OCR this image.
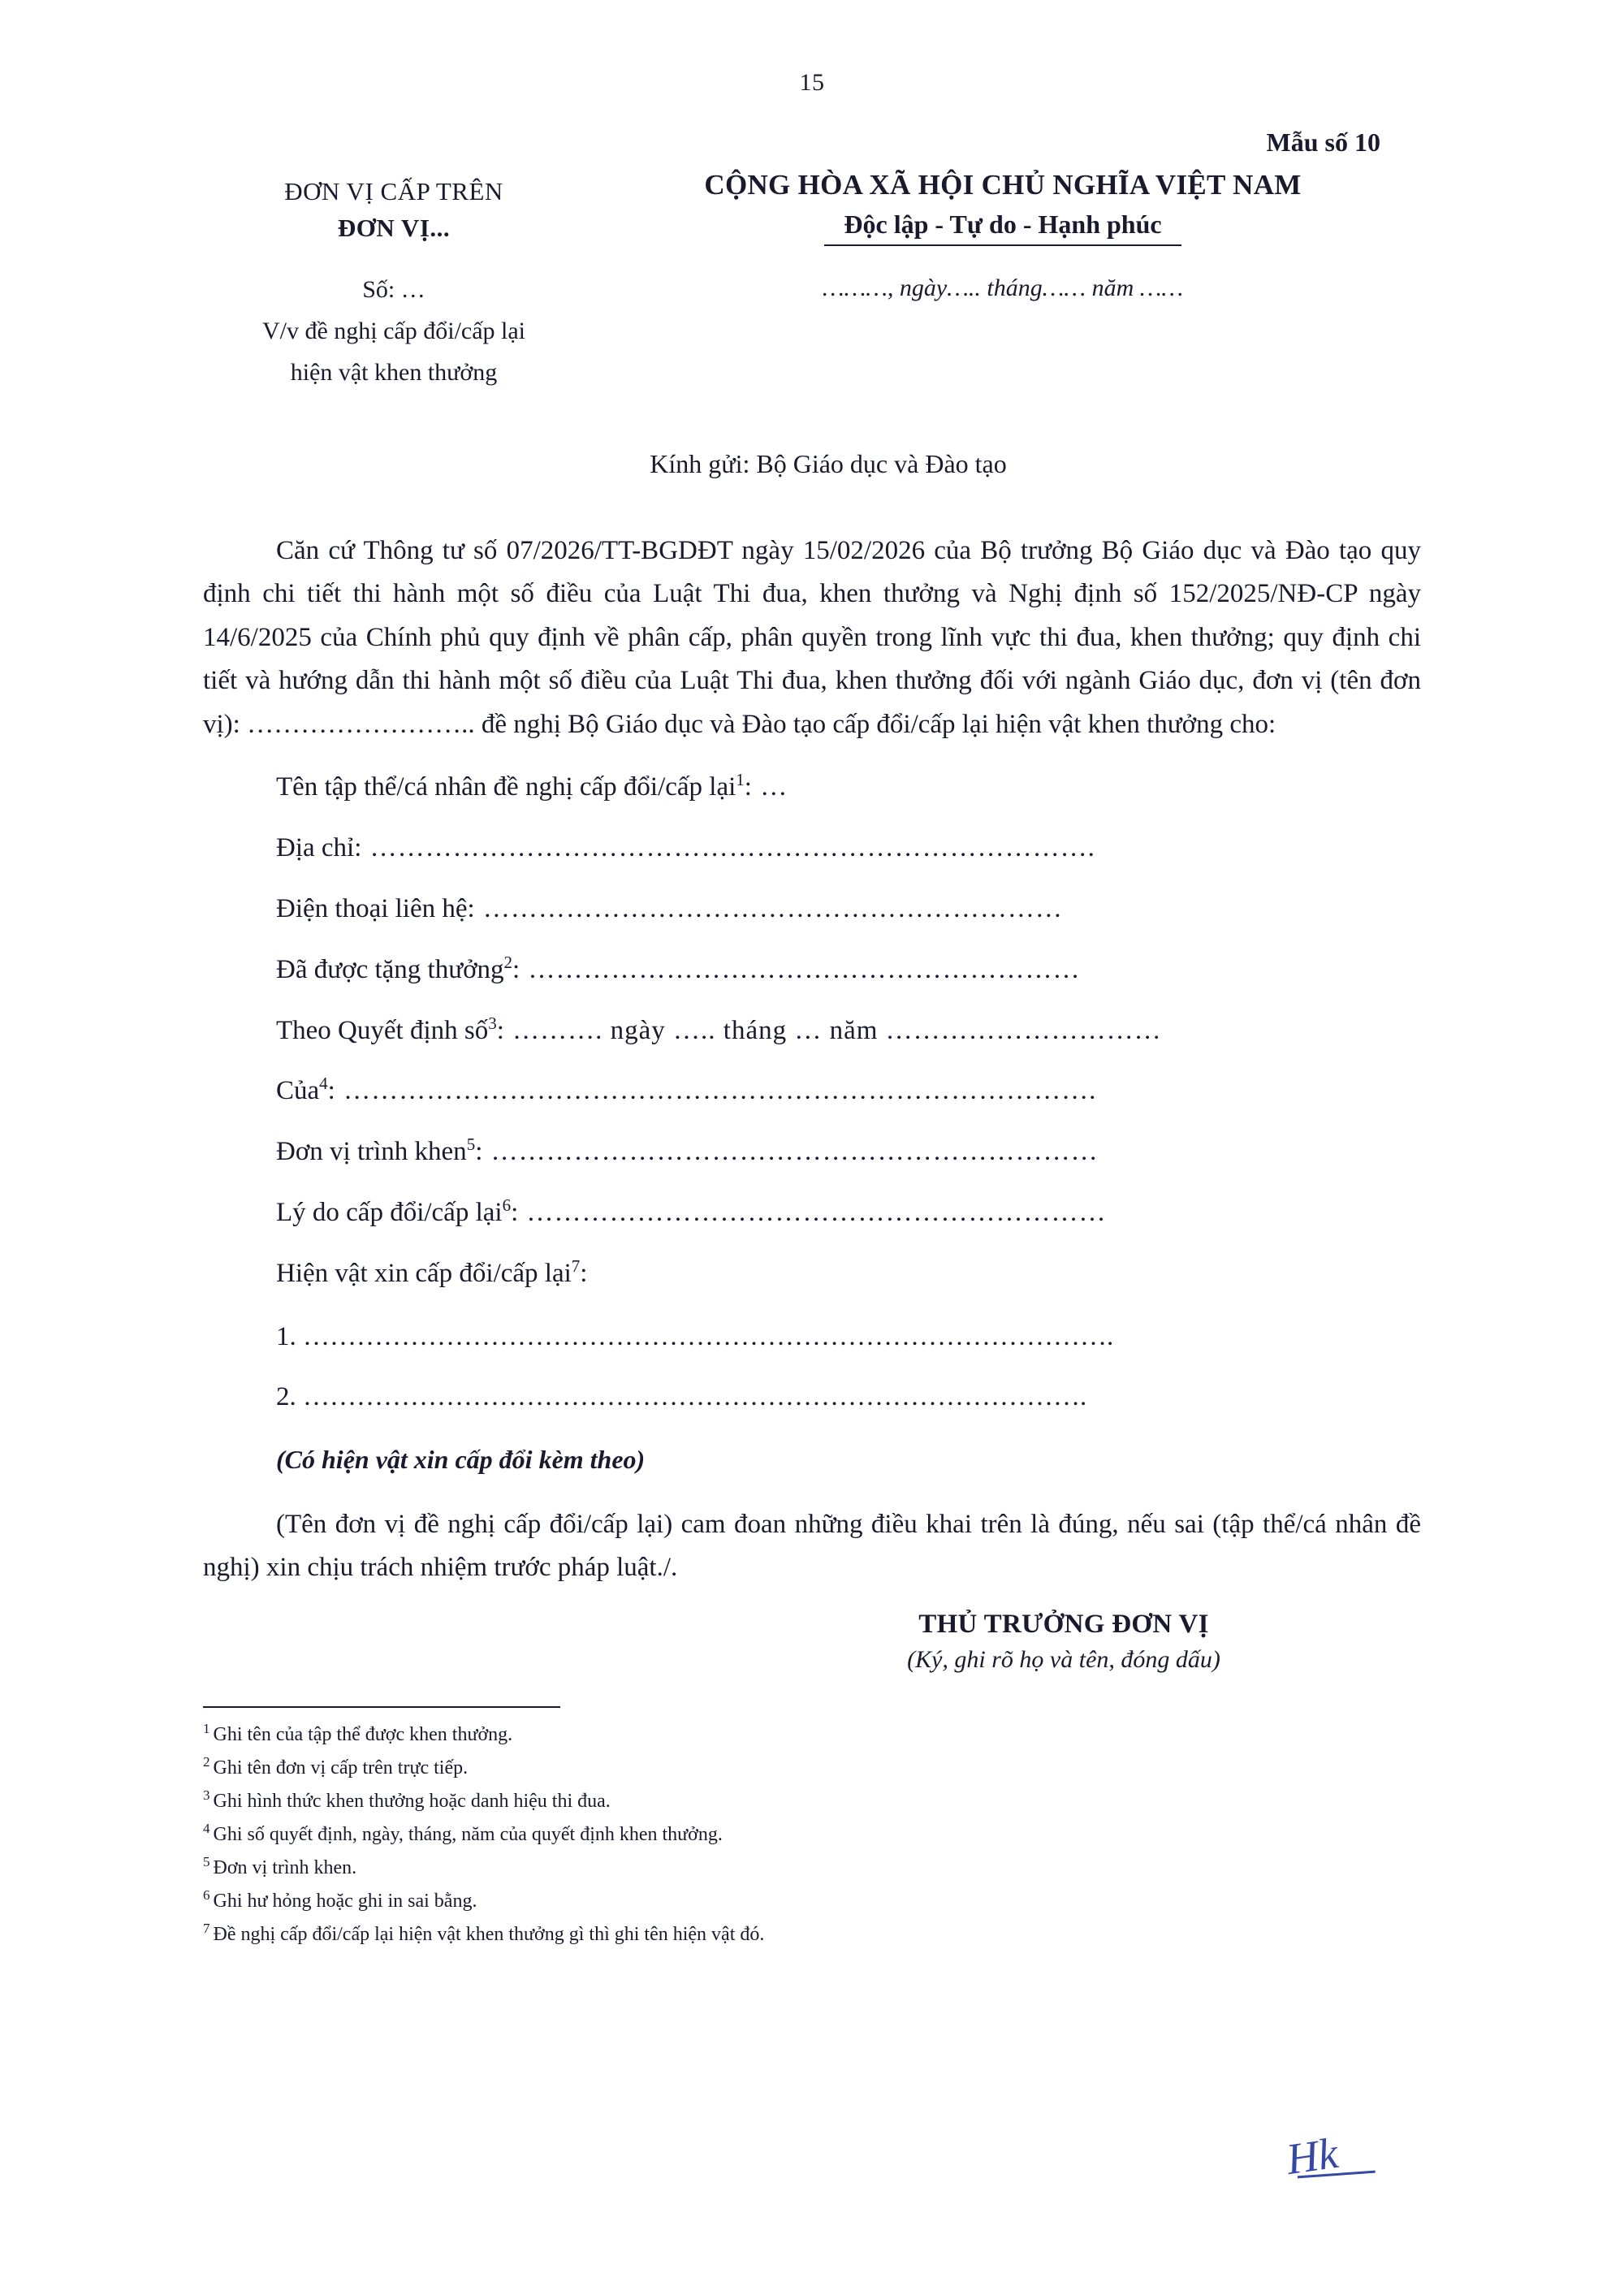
15
Mẫu số 10
ĐƠN VỊ CẤP TRÊN
ĐƠN VỊ...
CỘNG HÒA XÃ HỘI CHỦ NGHĨA VIỆT NAM
Độc lập - Tự do - Hạnh phúc
Số: …
V/v đề nghị cấp đổi/cấp lại
hiện vật khen thưởng
………, ngày….. tháng…… năm ……
Kính gửi: Bộ Giáo dục và Đào tạo
Căn cứ Thông tư số 07/2026/TT-BGDĐT ngày 15/02/2026 của Bộ trưởng Bộ Giáo dục và Đào tạo quy định chi tiết thi hành một số điều của Luật Thi đua, khen thưởng và Nghị định số 152/2025/NĐ-CP ngày 14/6/2025 của Chính phủ quy định về phân cấp, phân quyền trong lĩnh vực thi đua, khen thưởng; quy định chi tiết và hướng dẫn thi hành một số điều của Luật Thi đua, khen thưởng đối với ngành Giáo dục, đơn vị (tên đơn vị): …………………….. đề nghị Bộ Giáo dục và Đào tạo cấp đổi/cấp lại hiện vật khen thưởng cho:
Tên tập thể/cá nhân đề nghị cấp đổi/cấp lại$^1$: …
Địa chỉ: …………………………………………………………………….
Điện thoại liên hệ: ………………………………………………………
Đã được tặng thưởng$^2$: ……………………………………………………
Theo Quyết định số$^3$: ………. ngày ….. tháng … năm …………………………
Của$^4$: ……………………………………………………………………….
Đơn vị trình khen$^5$: …………………………………………………………
Lý do cấp đổi/cấp lại$^6$: ………………………………………………………
Hiện vật xin cấp đổi/cấp lại$^7$:
1. ……………………………………………………………………………….
2. …………………………………………………………………………….
(Có hiện vật xin cấp đổi kèm theo)
(Tên đơn vị đề nghị cấp đổi/cấp lại) cam đoan những điều khai trên là đúng, nếu sai (tập thể/cá nhân đề nghị) xin chịu trách nhiệm trước pháp luật./.
THỦ TRƯỞNG ĐƠN VỊ
(Ký, ghi rõ họ và tên, đóng dấu)
$^1$ Ghi tên của tập thể được khen thưởng.
$^2$ Ghi tên đơn vị cấp trên trực tiếp.
$^3$ Ghi hình thức khen thưởng hoặc danh hiệu thi đua.
$^4$ Ghi số quyết định, ngày, tháng, năm của quyết định khen thưởng.
$^5$ Đơn vị trình khen.
$^6$ Ghi hư hỏng hoặc ghi in sai bằng.
$^7$ Đề nghị cấp đổi/cấp lại hiện vật khen thưởng gì thì ghi tên hiện vật đó.
Hk
